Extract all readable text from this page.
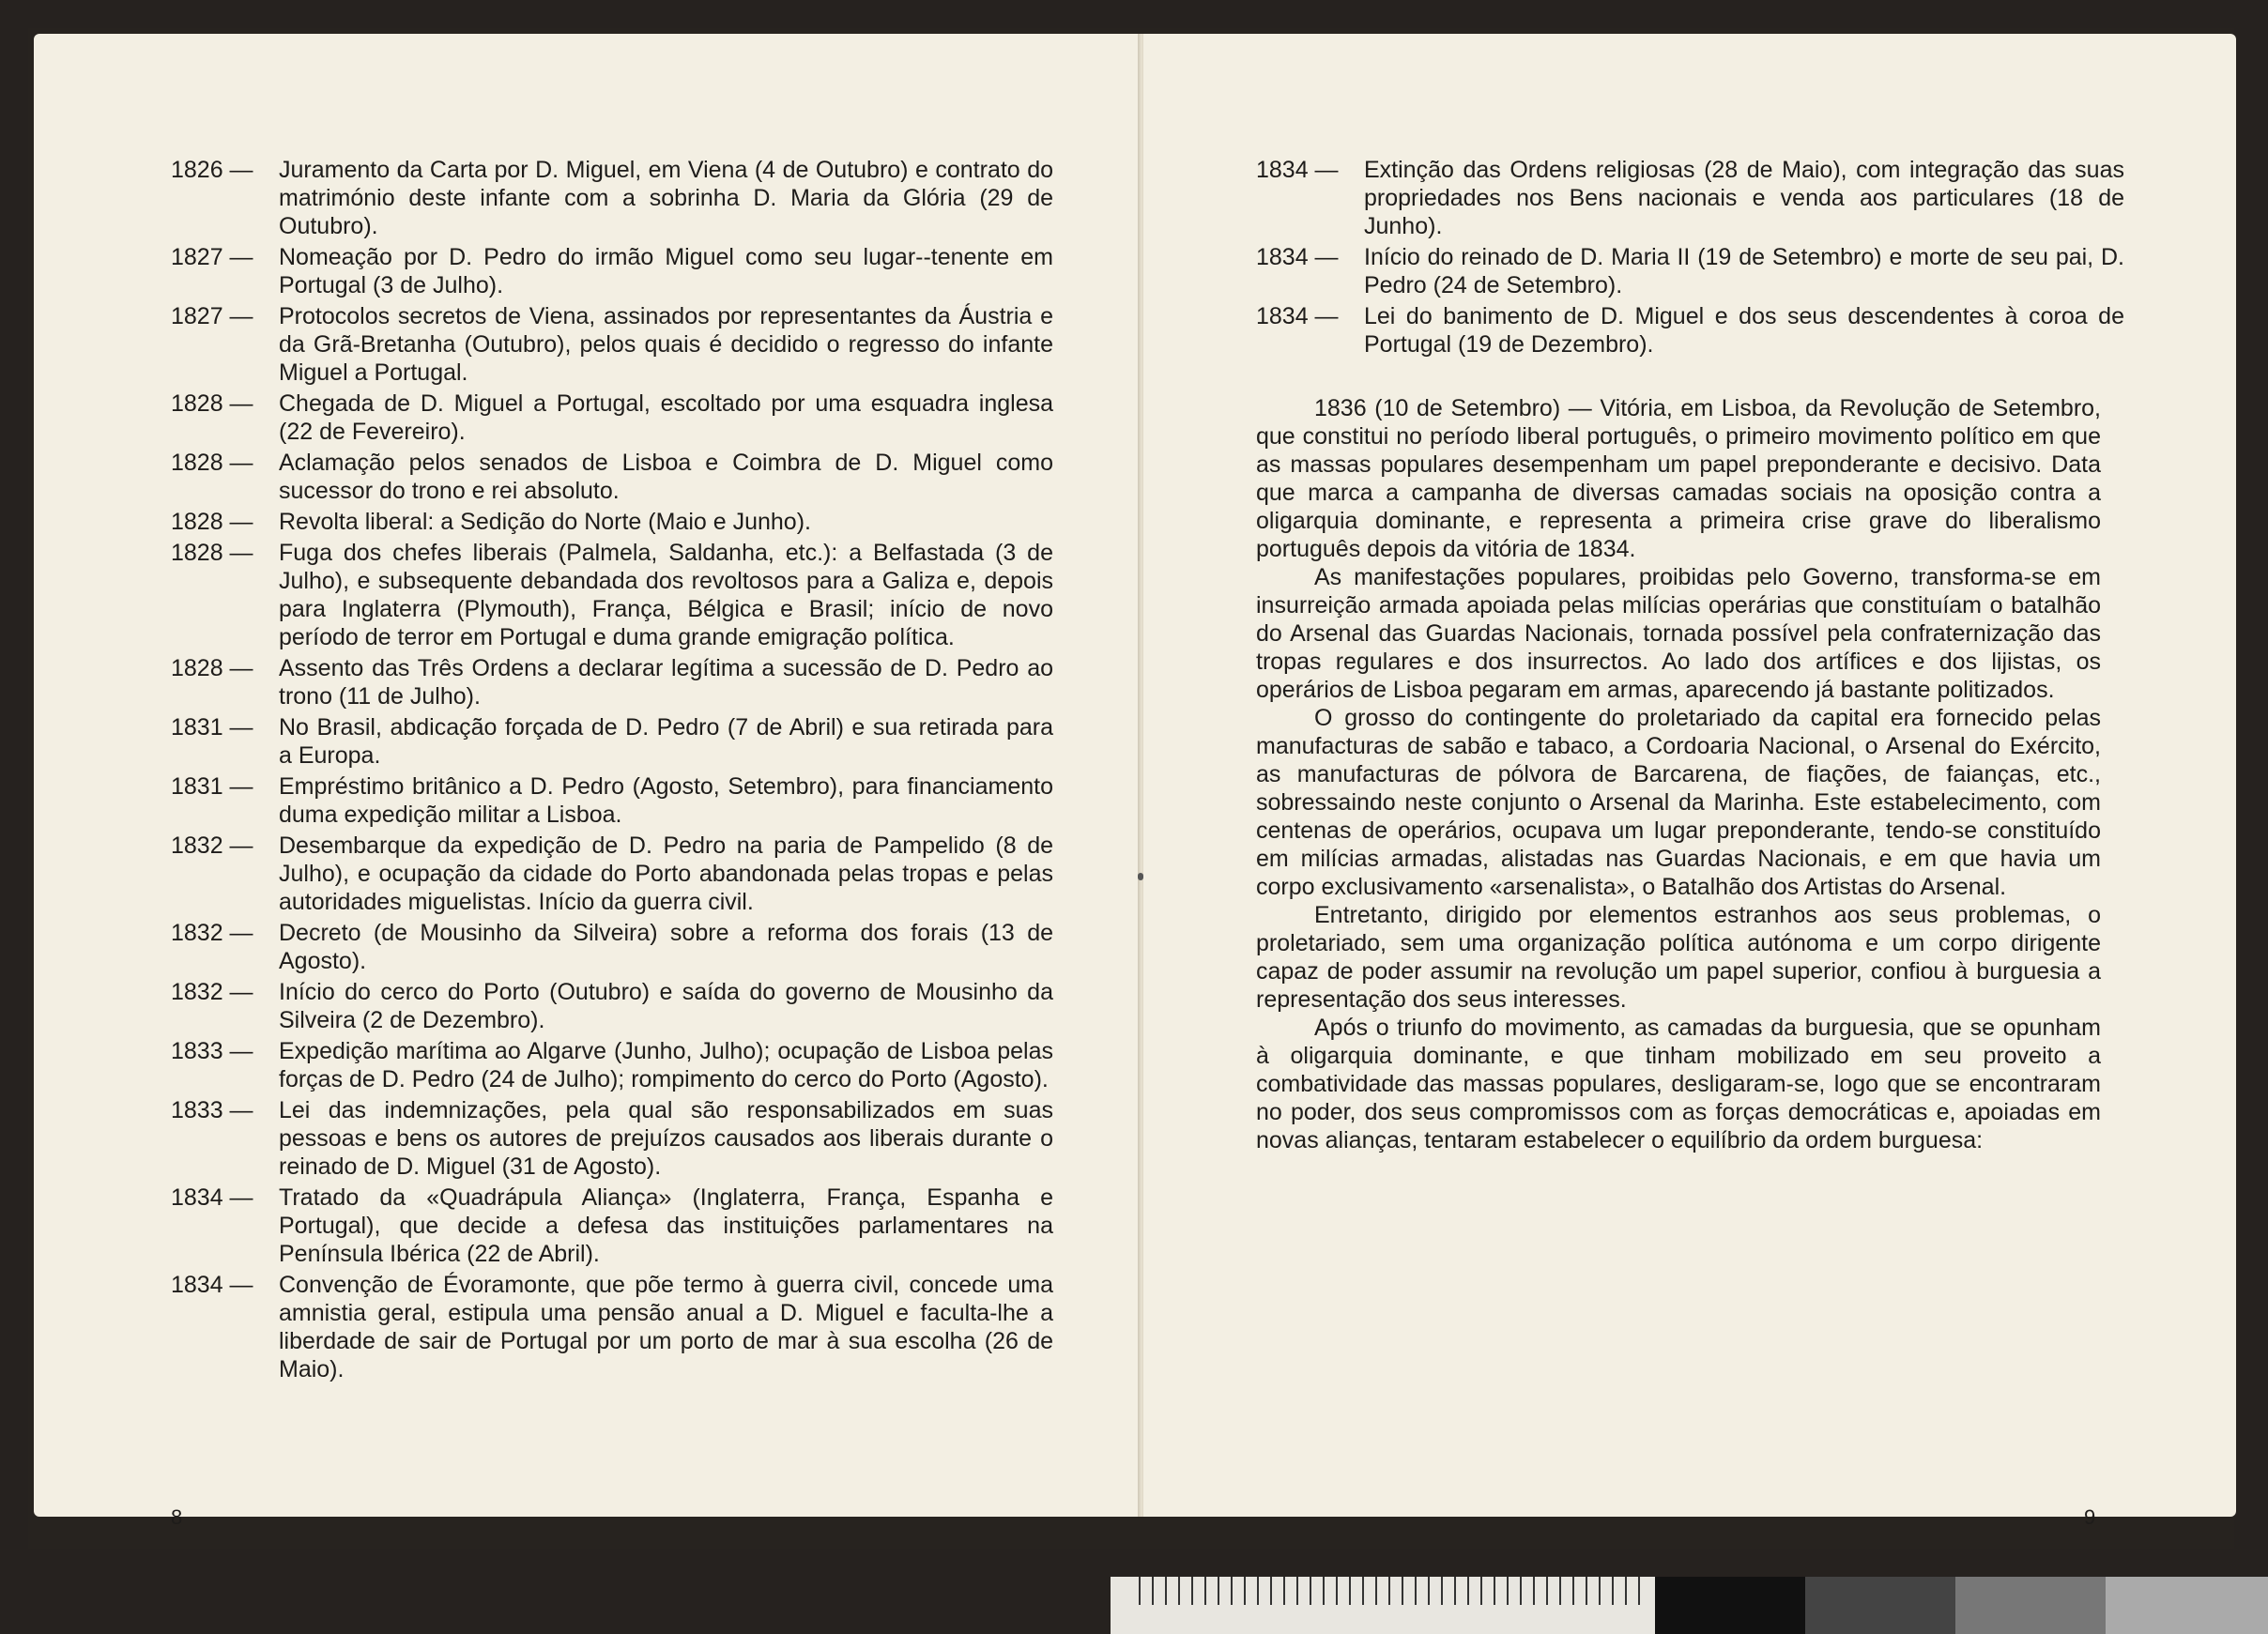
1826 —	Juramento da Carta por D. Miguel, em Viena (4 de Outubro) e contrato do matrimónio deste infante com a sobrinha D. Maria da Glória (29 de Outubro).
1827 —	Nomeação por D. Pedro do irmão Miguel como seu lugar--tenente em Portugal (3 de Julho).
1827 —	Protocolos secretos de Viena, assinados por representantes da Áustria e da Grã-Bretanha (Outubro), pelos quais é decidido o regresso do infante Miguel a Portugal.
1828 —	Chegada de D. Miguel a Portugal, escoltado por uma esquadra inglesa (22 de Fevereiro).
1828 —	Aclamação pelos senados de Lisboa e Coimbra de D. Miguel como sucessor do trono e rei absoluto.
1828 —	Revolta liberal: a Sedição do Norte (Maio e Junho).
1828 —	Fuga dos chefes liberais (Palmela, Saldanha, etc.): a Belfastada (3 de Julho), e subsequente debandada dos revoltosos para a Galiza e, depois para Inglaterra (Plymouth), França, Bélgica e Brasil; início de novo período de terror em Portugal e duma grande emigração política.
1828 —	Assento das Três Ordens a declarar legítima a sucessão de D. Pedro ao trono (11 de Julho).
1831 —	No Brasil, abdicação forçada de D. Pedro (7 de Abril) e sua retirada para a Europa.
1831 —	Empréstimo britânico a D. Pedro (Agosto, Setembro), para financiamento duma expedição militar a Lisboa.
1832 —	Desembarque da expedição de D. Pedro na paria de Pampelido (8 de Julho), e ocupação da cidade do Porto abandonada pelas tropas e pelas autoridades miguelistas. Início da guerra civil.
1832 —	Decreto (de Mousinho da Silveira) sobre a reforma dos forais (13 de Agosto).
1832 —	Início do cerco do Porto (Outubro) e saída do governo de Mousinho da Silveira (2 de Dezembro).
1833 —	Expedição marítima ao Algarve (Junho, Julho); ocupação de Lisboa pelas forças de D. Pedro (24 de Julho); rompimento do cerco do Porto (Agosto).
1833 —	Lei das indemnizações, pela qual são responsabilizados em suas pessoas e bens os autores de prejuízos causados aos liberais durante o reinado de D. Miguel (31 de Agosto).
1834 —	Tratado da «Quadrápula Aliança» (Inglaterra, França, Espanha e Portugal), que decide a defesa das instituições parlamentares na Península Ibérica (22 de Abril).
1834 —	Convenção de Évoramonte, que põe termo à guerra civil, concede uma amnistia geral, estipula uma pensão anual a D. Miguel e faculta-lhe a liberdade de sair de Portugal por um porto de mar à sua escolha (26 de Maio).
8
1834 —	Extinção das Ordens religiosas (28 de Maio), com integração das suas propriedades nos Bens nacionais e venda aos particulares (18 de Junho).
1834 —	Início do reinado de D. Maria II (19 de Setembro) e morte de seu pai, D. Pedro (24 de Setembro).
1834 —	Lei do banimento de D. Miguel e dos seus descendentes à coroa de Portugal (19 de Dezembro).

1836 (10 de Setembro) — Vitória, em Lisboa, da Revolução de Setembro, que constitui no período liberal português, o primeiro movimento político em que as massas populares desempenham um papel preponderante e decisivo. Data que marca a campanha de diversas camadas sociais na oposição contra a oligarquia dominante, e representa a primeira crise grave do liberalismo português depois da vitória de 1834.

As manifestações populares, proibidas pelo Governo, transforma-se em insurreição armada apoiada pelas milícias operárias que constituíam o batalhão do Arsenal das Guardas Nacionais, tornada possível pela confraternização das tropas regulares e dos insurrectos. Ao lado dos artífices e dos lijistas, os operários de Lisboa pegaram em armas, aparecendo já bastante politizados.

O grosso do contingente do proletariado da capital era fornecido pelas manufacturas de sabão e tabaco, a Cordoaria Nacional, o Arsenal do Exército, as manufacturas de pólvora de Barcarena, de fiações, de faianças, etc., sobressaindo neste conjunto o Arsenal da Marinha. Este estabelecimento, com centenas de operários, ocupava um lugar preponderante, tendo-se constituído em milícias armadas, alistadas nas Guardas Nacionais, e em que havia um corpo exclusivamento «arsenalista», o Batalhão dos Artistas do Arsenal.

Entretanto, dirigido por elementos estranhos aos seus problemas, o proletariado, sem uma organização política autónoma e um corpo dirigente capaz de poder assumir na revolução um papel superior, confiou à burguesia a representação dos seus interesses.

Após o triunfo do movimento, as camadas da burguesia, que se opunham à oligarquia dominante, e que tinham mobilizado em seu proveito a combatividade das massas populares, desligaram-se, logo que se encontraram no poder, dos seus compromissos com as forças democráticas e, apoiadas em novas alianças, tentaram estabelecer o equilíbrio da ordem burguesa:

9
